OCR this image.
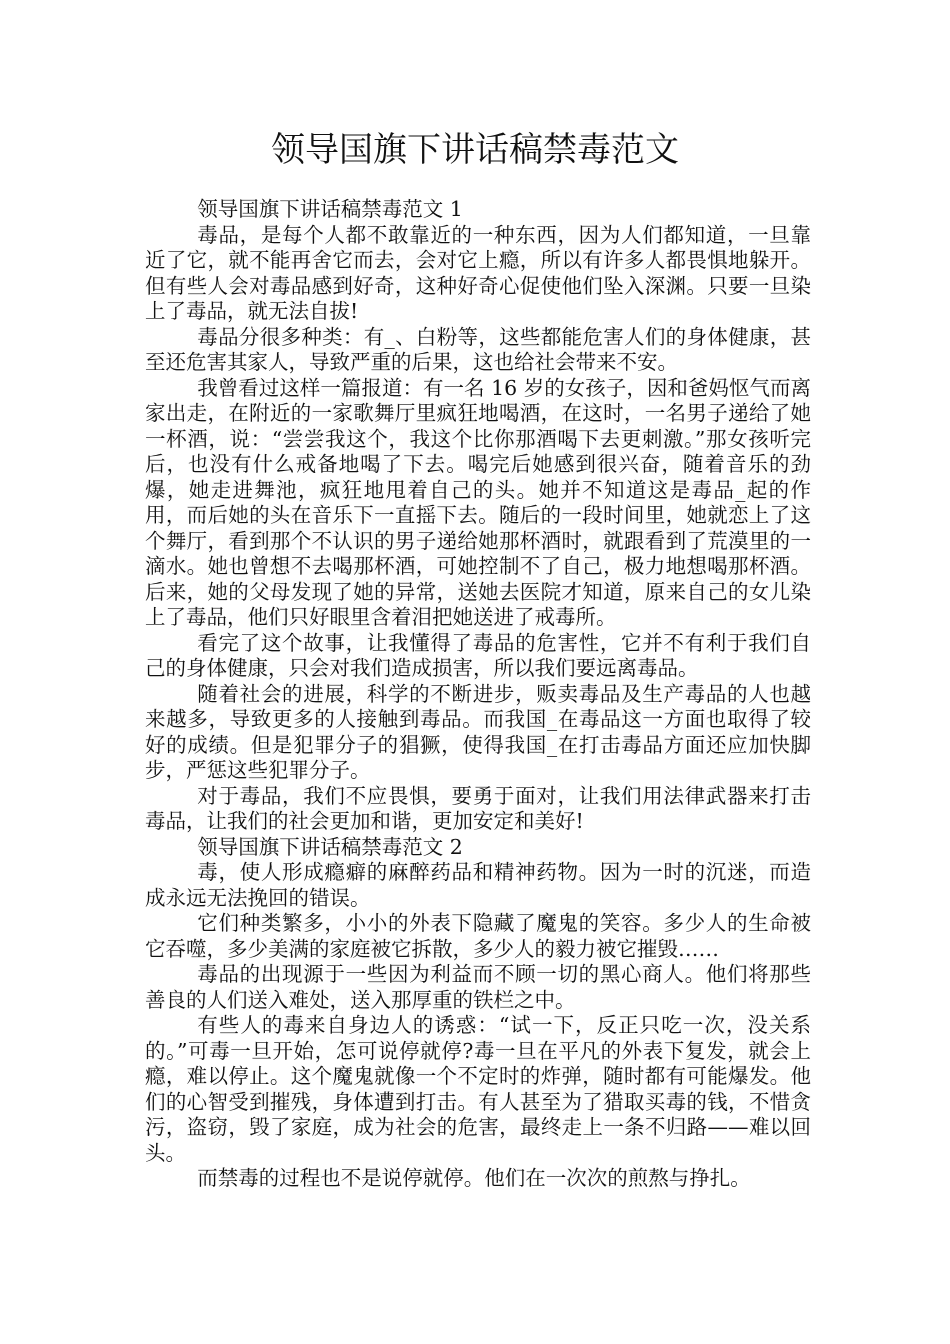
领导国旗下讲话稿禁毒范文

领导国旗下讲话稿禁毒范文 1

毒品，是每个人都不敢靠近的一种东西，因为人们都知道，一旦靠近了它，就不能再舍它而去，会对它上瘾，所以有许多人都畏惧地躲开。但有些人会对毒品感到好奇，这种好奇心促使他们坠入深渊。只要一旦染上了毒品，就无法自拔!

毒品分很多种类：有_、白粉等，这些都能危害人们的身体健康，甚至还危害其家人，导致严重的后果，这也给社会带来不安。

我曾看过这样一篇报道：有一名 16 岁的女孩子，因和爸妈怄气而离家出走，在附近的一家歌舞厅里疯狂地喝酒，在这时，一名男子递给了她一杯酒，说：“尝尝我这个，我这个比你那酒喝下去更刺激。”那女孩听完后，也没有什么戒备地喝了下去。喝完后她感到很兴奋，随着音乐的劲爆，她走进舞池，疯狂地甩着自己的头。她并不知道这是毒品_起的作用，而后她的头在音乐下一直摇下去。随后的一段时间里，她就恋上了这个舞厅，看到那个不认识的男子递给她那杯酒时，就跟看到了荒漠里的一滴水。她也曾想不去喝那杯酒，可她控制不了自己，极力地想喝那杯酒。后来，她的父母发现了她的异常，送她去医院才知道，原来自己的女儿染上了毒品，他们只好眼里含着泪把她送进了戒毒所。

看完了这个故事，让我懂得了毒品的危害性，它并不有利于我们自己的身体健康，只会对我们造成损害，所以我们要远离毒品。

随着社会的进展，科学的不断进步，贩卖毒品及生产毒品的人也越来越多，导致更多的人接触到毒品。而我国_在毒品这一方面也取得了较好的成绩。但是犯罪分子的猖獗，使得我国_在打击毒品方面还应加快脚步，严惩这些犯罪分子。

对于毒品，我们不应畏惧，要勇于面对，让我们用法律武器来打击毒品，让我们的社会更加和谐，更加安定和美好!

领导国旗下讲话稿禁毒范文 2

毒，使人形成瘾癖的麻醉药品和精神药物。因为一时的沉迷，而造成永远无法挽回的错误。

它们种类繁多，小小的外表下隐藏了魔鬼的笑容。多少人的生命被它吞噬，多少美满的家庭被它拆散，多少人的毅力被它摧毁……

毒品的出现源于一些因为利益而不顾一切的黑心商人。他们将那些善良的人们送入难处，送入那厚重的铁栏之中。

有些人的毒来自身边人的诱惑：“试一下，反正只吃一次，没关系的。”可毒一旦开始，怎可说停就停?毒一旦在平凡的外表下复发，就会上瘾，难以停止。这个魔鬼就像一个不定时的炸弹，随时都有可能爆发。他们的心智受到摧残，身体遭到打击。有人甚至为了猎取买毒的钱，不惜贪污，盗窃，毁了家庭，成为社会的危害，最终走上一条不归路——难以回头。

而禁毒的过程也不是说停就停。他们在一次次的煎熬与挣扎。
